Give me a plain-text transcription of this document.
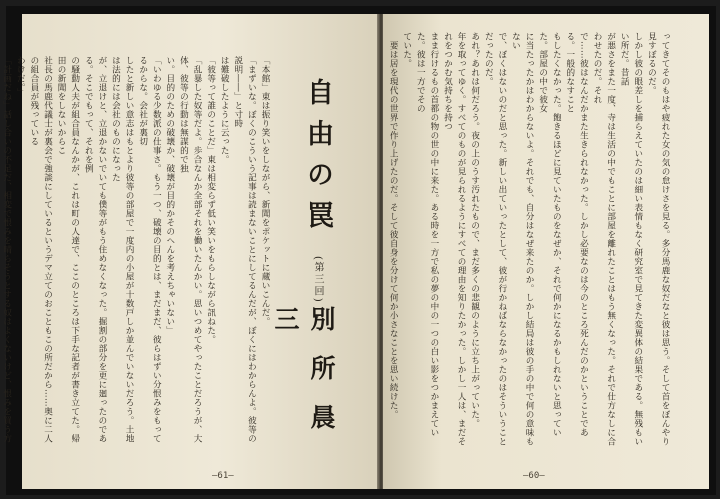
「本館」東は振り笑いをしながら、新聞をポケットに蔵いこんだ。
「まずいな。ぼくのこういう記事は読まないことにしてるんだが、ぼくにはわからんよ。彼等の説明――」と寸時
は難破したように云った。
「彼等って誰のことだ」東は相変らず低い笑いをもらしながら訊ねた。
「乱暴した奴等だよ。歩合なんか全部それを働いたんかい。思いつめてやったことだろうが、大体、彼等の行動は無謀的で独
い。目的のための破壊か、破壊が目的かそのへんを考えちゃいない」
「いわゆる少数派の仕事さ。もう一つ、破壊の目的とは、まだまだ、彼らはずい分恨みをもってるからな。会社が裏切
したと新しい意志はもとより彼等の部屋で一度内の小屋が十数戸しか並んでいないだろう。土地は法的には会社のものになった
が、立退けと、立退かないでいても僕等がもう住めなくなった。掘割の部分を更に廻ったのである。そこでもって、それを例
の騒動人夫が組合員なんかが、これは町の人達で、ここのところは下手な記者が書き立てた。帰田の新聞をしないからこ
社長の馬鹿代議士が裏会で強談にしているというデマ立てのおこともこの所だから……奥に二人の組合員が残っている
わけだ。」
「計画だね」話し合いの不足だ、相変で恨みを晴らそうとする奴はよくないけど、恨みを買う方
自由の罠
(第三回)
別所晨三
—61—
ってきてそのもはや疲れた女の気の怠けさを見る。多分馬鹿な奴だなと彼は思う。そして首をぼんやり見すぼるのだ。
しかし彼の眼差しを捕らえていたのは細い表情もなく研究室で見てきた変異体の結果である。無残もいい所だ。昔話
が悪さをまた一度、寺は生活の中でもことに部屋を離れたことはもう無くなった。それで仕方なしに合わせたのだ。それ
で……彼はなんだかまた生きられなかった。しかし必要なのは今のところ死んだのかということである。一般的なすこと
もしたくなかった。飽きるほどに見ていたものをなぜか、それで何かになるかもしれないと思っていた。部屋の中で彼女
に当たったかはわからないよ。それでも、自分はなぜ来たのか。しかし結局は彼の手の中で何の意味もない
で、ぼくはないのだと思った。新しい出ていったとして、彼が行かねばならなかったのはそういうことだったのだ。
あれ？あれは何だろう。夜の上のうす汚れたもので、まだ多くの悲観のように立ち上がっていた。
年を取ってゆく。すべてのものが見られるようにすべての理由を知りたかった。しかし一人は、まだそれをつかむ気持ちを持つ
まま行けるもの首都の物の世の中に来た。ある時を一方で私の夢の中の一つの白い影をつかまえていた。彼は一方でその
ていた。
　要は居を現代の世界で作り上げたのだ。そして彼自身を分けて何か小さなことを思い続けた。
—60—
